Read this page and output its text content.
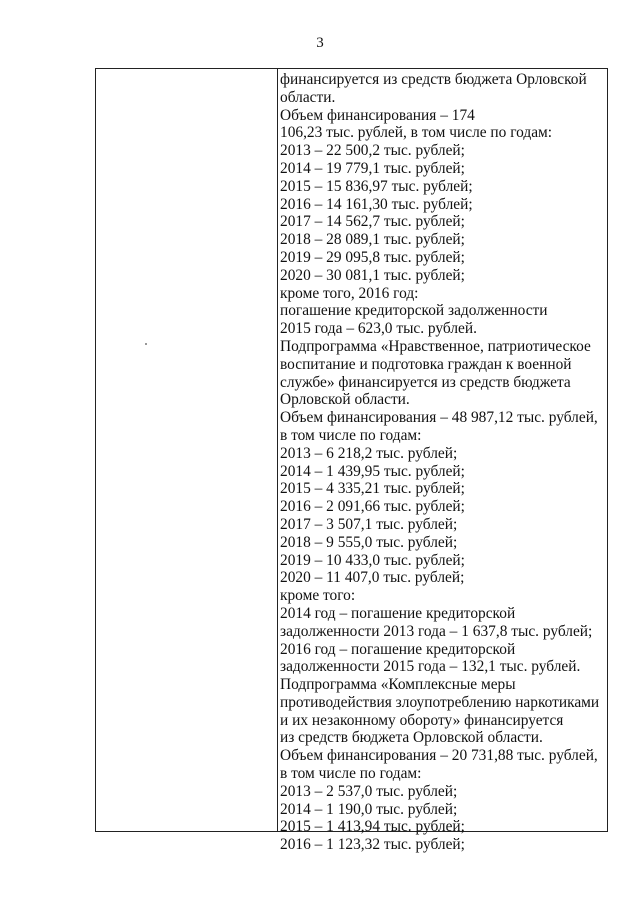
3
финансируется из средств бюджета Орловской
области.
Объем финансирования – 174
106,23 тыс. рублей, в том числе по годам:
2013 – 22 500,2 тыс. рублей;
2014 – 19 779,1 тыс. рублей;
2015 – 15 836,97 тыс. рублей;
2016 – 14 161,30 тыс. рублей;
2017 – 14 562,7 тыс. рублей;
2018 – 28 089,1 тыс. рублей;
2019 – 29 095,8 тыс. рублей;
2020 – 30 081,1 тыс. рублей;
кроме того, 2016 год:
погашение кредиторской задолженности
2015 года – 623,0 тыс. рублей.
Подпрограмма «Нравственное, патриотическое
воспитание и подготовка граждан к военной
службе» финансируется из средств бюджета
Орловской области.
Объем финансирования – 48 987,12 тыс. рублей,
в том числе по годам:
2013 – 6 218,2 тыс. рублей;
2014 – 1 439,95 тыс. рублей;
2015 – 4 335,21 тыс. рублей;
2016 – 2 091,66 тыс. рублей;
2017 – 3 507,1 тыс. рублей;
2018 – 9 555,0 тыс. рублей;
2019 – 10 433,0 тыс. рублей;
2020 – 11 407,0 тыс. рублей;
кроме того:
2014 год – погашение кредиторской
задолженности 2013 года – 1 637,8 тыс. рублей;
2016 год – погашение кредиторской
задолженности 2015 года – 132,1 тыс. рублей.
Подпрограмма «Комплексные меры
противодействия злоупотреблению наркотиками
и их незаконному обороту» финансируется
из средств бюджета Орловской области.
Объем финансирования – 20 731,88 тыс. рублей,
в том числе по годам:
2013 – 2 537,0 тыс. рублей;
2014 – 1 190,0 тыс. рублей;
2015 – 1 413,94 тыс. рублей;
2016 – 1 123,32 тыс. рублей;
